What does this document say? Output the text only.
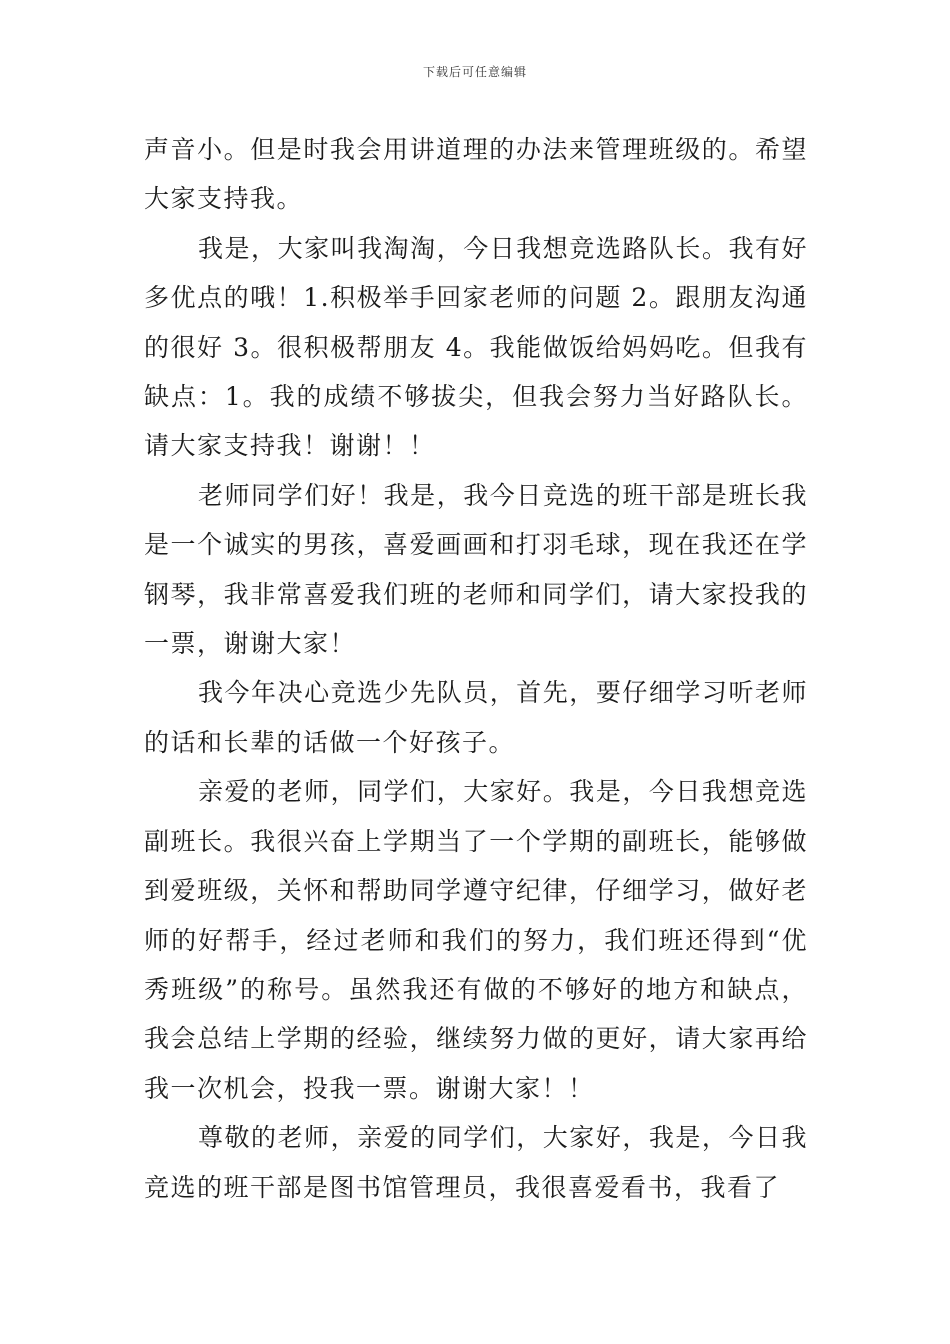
下载后可任意编辑

声音小。但是时我会用讲道理的办法来管理班级的。希望大家支持我。

我是，大家叫我淘淘，今日我想竞选路队长。我有好多优点的哦！1.积极举手回家老师的问题 2。跟朋友沟通的很好 3。很积极帮朋友 4。我能做饭给妈妈吃。但我有缺点：1。我的成绩不够拔尖，但我会努力当好路队长。请大家支持我！谢谢！！

老师同学们好！我是，我今日竞选的班干部是班长我是一个诚实的男孩，喜爱画画和打羽毛球，现在我还在学钢琴，我非常喜爱我们班的老师和同学们，请大家投我的一票，谢谢大家！

我今年决心竞选少先队员，首先，要仔细学习听老师的话和长辈的话做一个好孩子。

亲爱的老师，同学们，大家好。我是，今日我想竞选副班长。我很兴奋上学期当了一个学期的副班长，能够做到爱班级，关怀和帮助同学遵守纪律，仔细学习，做好老师的好帮手，经过老师和我们的努力，我们班还得到“优秀班级”的称号。虽然我还有做的不够好的地方和缺点，我会总结上学期的经验，继续努力做的更好，请大家再给我一次机会，投我一票。谢谢大家！！

尊敬的老师，亲爱的同学们，大家好，我是，今日我竞选的班干部是图书馆管理员，我很喜爱看书，我看了
